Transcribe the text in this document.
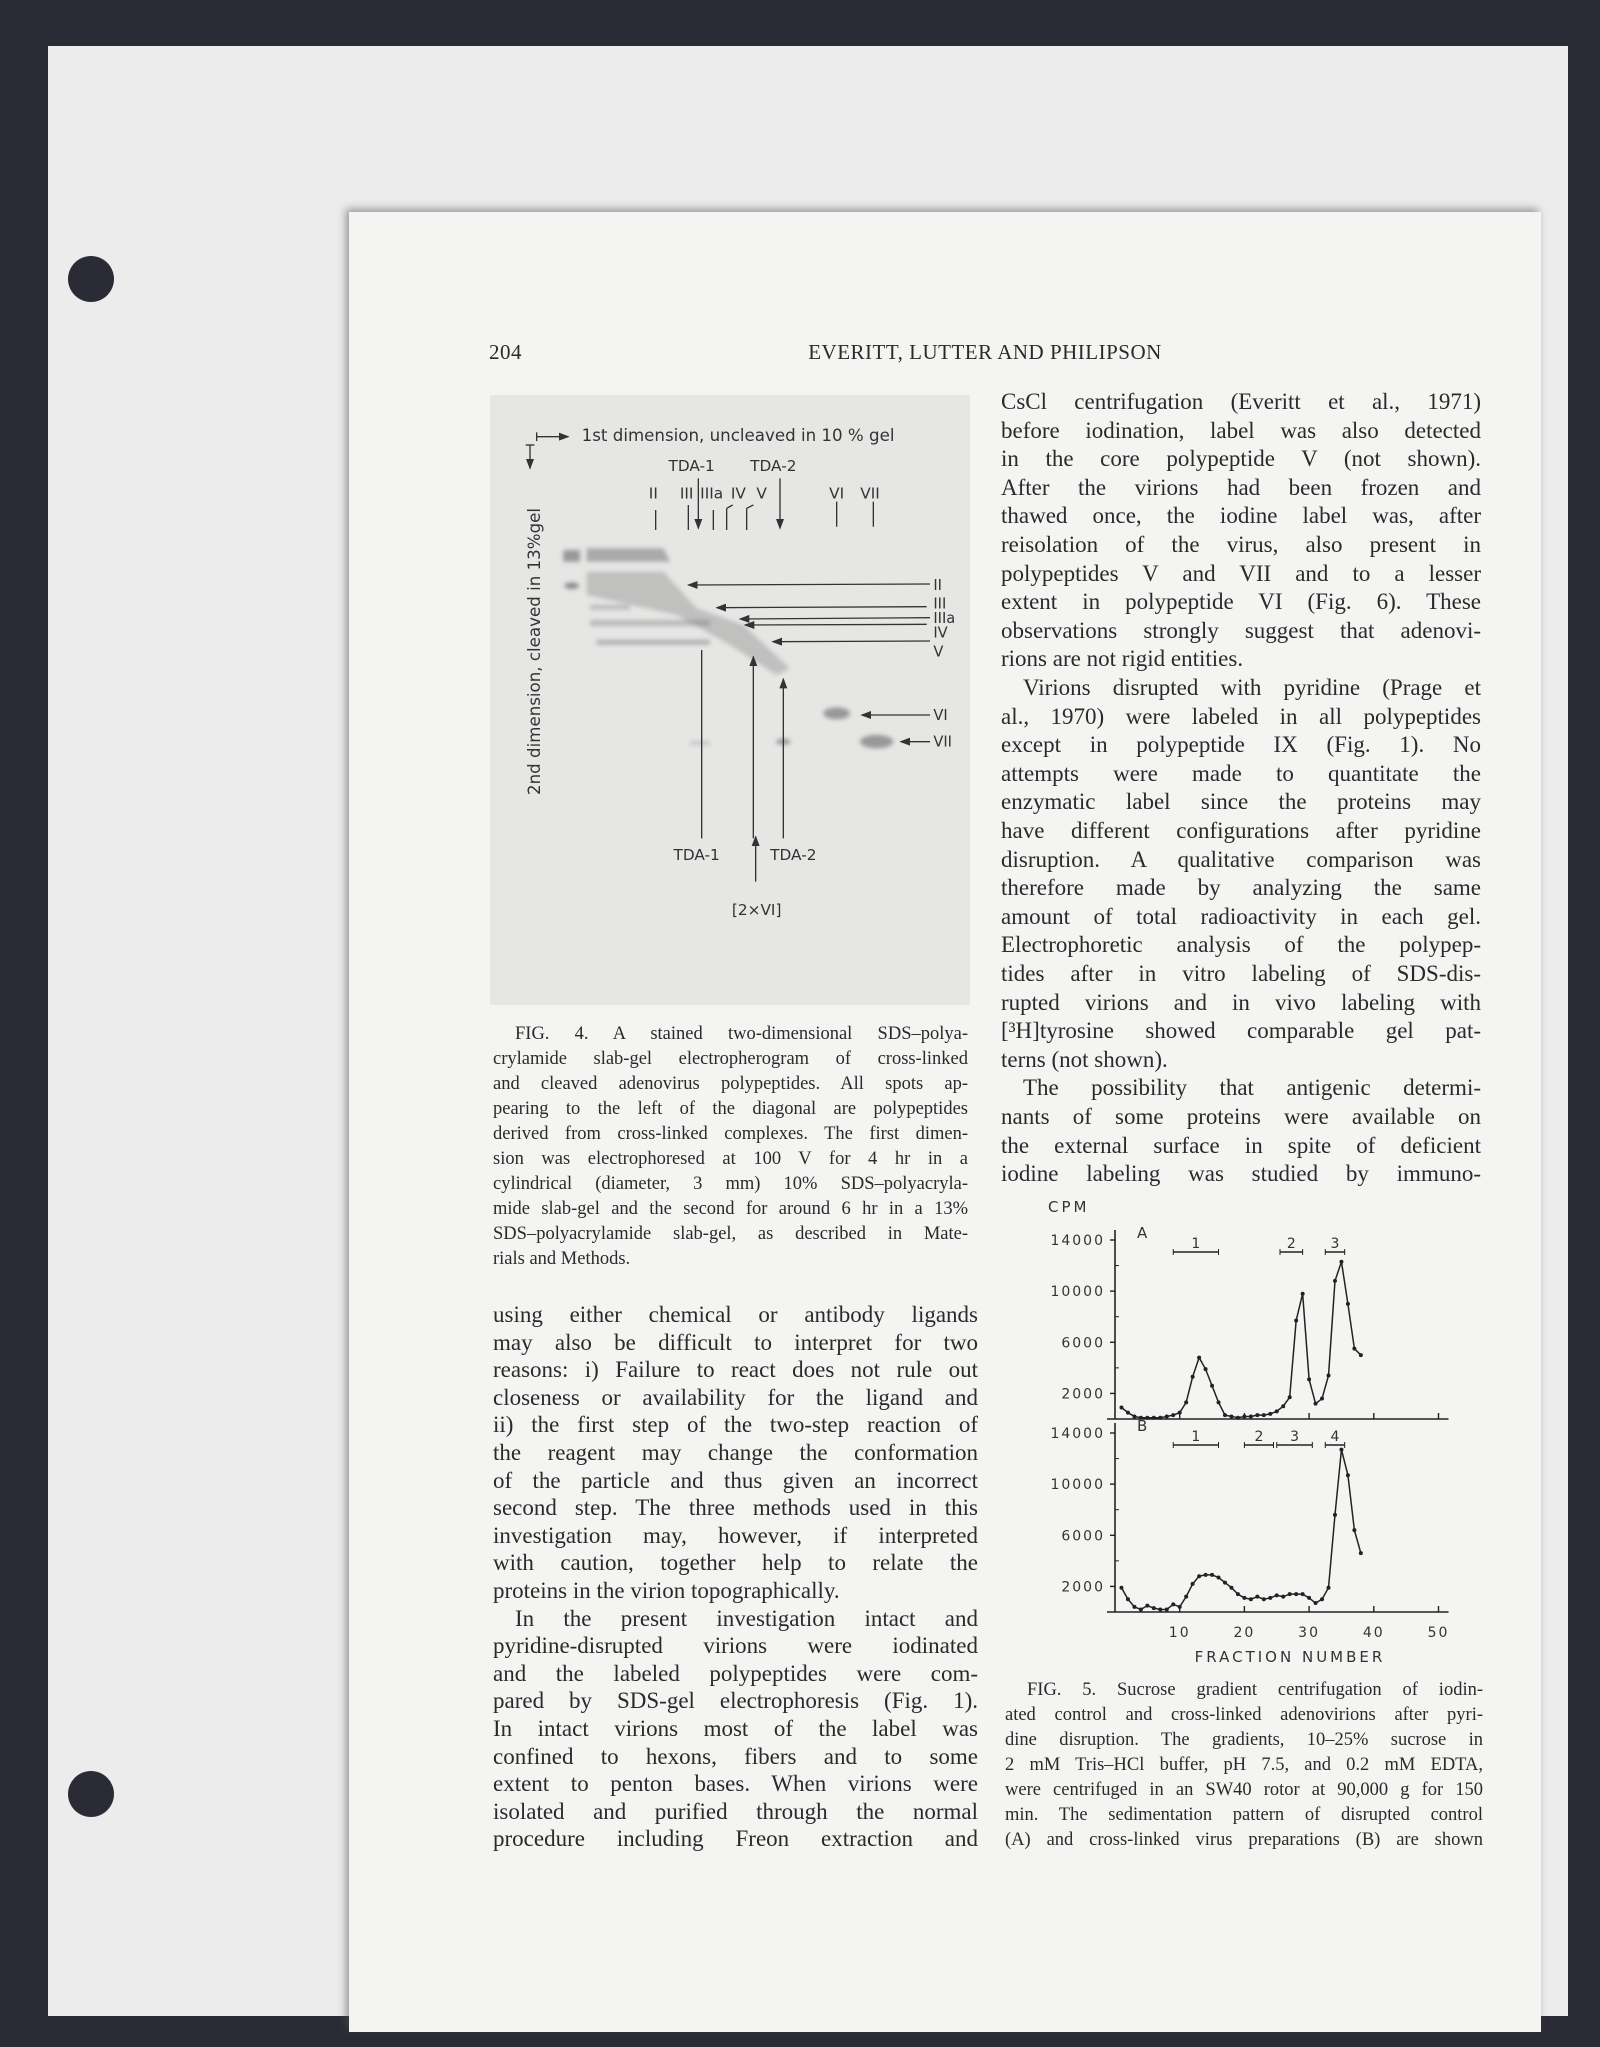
204	EVERITT, LUTTER AND PHILIPSON
1st dimension, uncleaved in 10 % gel
2nd dimension, cleaved in 13%gel
TDA-1 TDA-2
II III IIIa IV V VI VII
II
III
IIIa
IV
V
VI
VII
TDA-1 TDA-2
[2×VI]
FIG. 4. A stained two-dimensional SDS–polya-
crylamide slab-gel electropherogram of cross-linked
and cleaved adenovirus polypeptides. All spots ap-
pearing to the left of the diagonal are polypeptides
derived from cross-linked complexes. The first dimen-
sion was electrophoresed at 100 V for 4 hr in a
cylindrical (diameter, 3 mm) 10% SDS–polyacryla-
mide slab-gel and the second for around 6 hr in a 13%
SDS–polyacrylamide slab-gel, as described in Mate-
rials and Methods.
using either chemical or antibody ligands
may also be difficult to interpret for two
reasons: i) Failure to react does not rule out
closeness or availability for the ligand and
ii) the first step of the two-step reaction of
the reagent may change the conformation
of the particle and thus given an incorrect
second step. The three methods used in this
investigation may, however, if interpreted
with caution, together help to relate the
proteins in the virion topographically.
In the present investigation intact and
pyridine-disrupted virions were iodinated
and the labeled polypeptides were com-
pared by SDS-gel electrophoresis (Fig. 1).
In intact virions most of the label was
confined to hexons, fibers and to some
extent to penton bases. When virions were
isolated and purified through the normal
procedure including Freon extraction and
CsCl centrifugation (Everitt et al., 1971)
before iodination, label was also detected
in the core polypeptide V (not shown).
After the virions had been frozen and
thawed once, the iodine label was, after
reisolation of the virus, also present in
polypeptides V and VII and to a lesser
extent in polypeptide VI (Fig. 6). These
observations strongly suggest that adenovi-
rions are not rigid entities.
Virions disrupted with pyridine (Prage et
al., 1970) were labeled in all polypeptides
except in polypeptide IX (Fig. 1). No
attempts were made to quantitate the
enzymatic label since the proteins may
have different configurations after pyridine
disruption. A qualitative comparison was
therefore made by analyzing the same
amount of total radioactivity in each gel.
Electrophoretic analysis of the polypep-
tides after in vitro labeling of SDS-dis-
rupted virions and in vivo labeling with
[³H]tyrosine showed comparable gel pat-
terns (not shown).
The possibility that antigenic determi-
nants of some proteins were available on
the external surface in spite of deficient
iodine labeling was studied by immuno-
CPM
FRACTION NUMBER
2000
6000
10000
14000 A
1	2 3
2000
6000
10000
14000 B
1	2 3 4
10	20	30	40	50
FIG. 5. Sucrose gradient centrifugation of iodin-
ated control and cross-linked adenovirions after pyri-
dine disruption. The gradients, 10–25% sucrose in
2 mM Tris–HCl buffer, pH 7.5, and 0.2 mM EDTA,
were centrifuged in an SW40 rotor at 90,000 g for 150
min. The sedimentation pattern of disrupted control
(A) and cross-linked virus preparations (B) are shown
